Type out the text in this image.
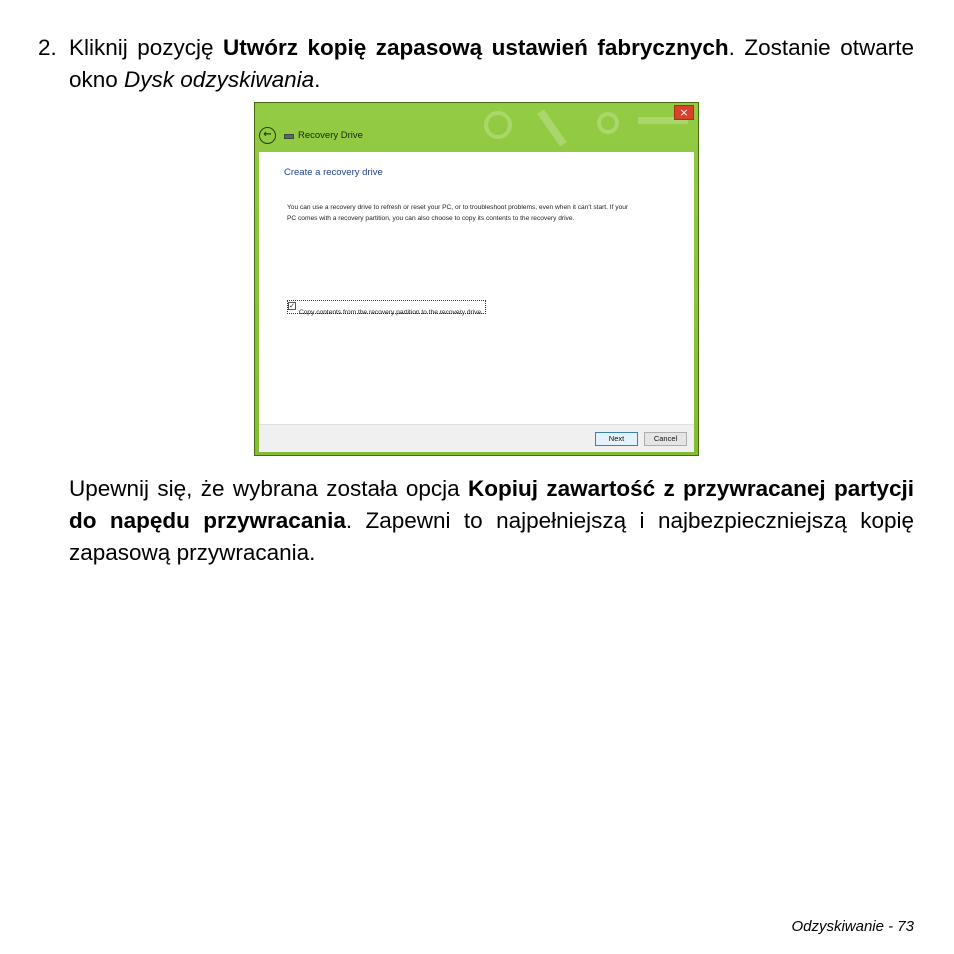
2. Kliknij pozycję Utwórz kopię zapasową ustawień fabrycznych. Zostanie otwarte okno Dysk odzyskiwania.
×
←	Recovery Drive
Create a recovery drive
You can use a recovery drive to refresh or reset your PC, or to troubleshoot problems, even when it can't start. If your PC comes with a recovery partition, you can also choose to copy its contents to the recovery drive.
✓
Copy contents from the recovery partition to the recovery drive.
Next	Cancel
Upewnij się, że wybrana została opcja Kopiuj zawartość z przywracanej partycji do napędu przywracania. Zapewni to najpełniejszą i najbezpieczniejszą kopię zapasową przywracania.
Odzyskiwanie - 73
